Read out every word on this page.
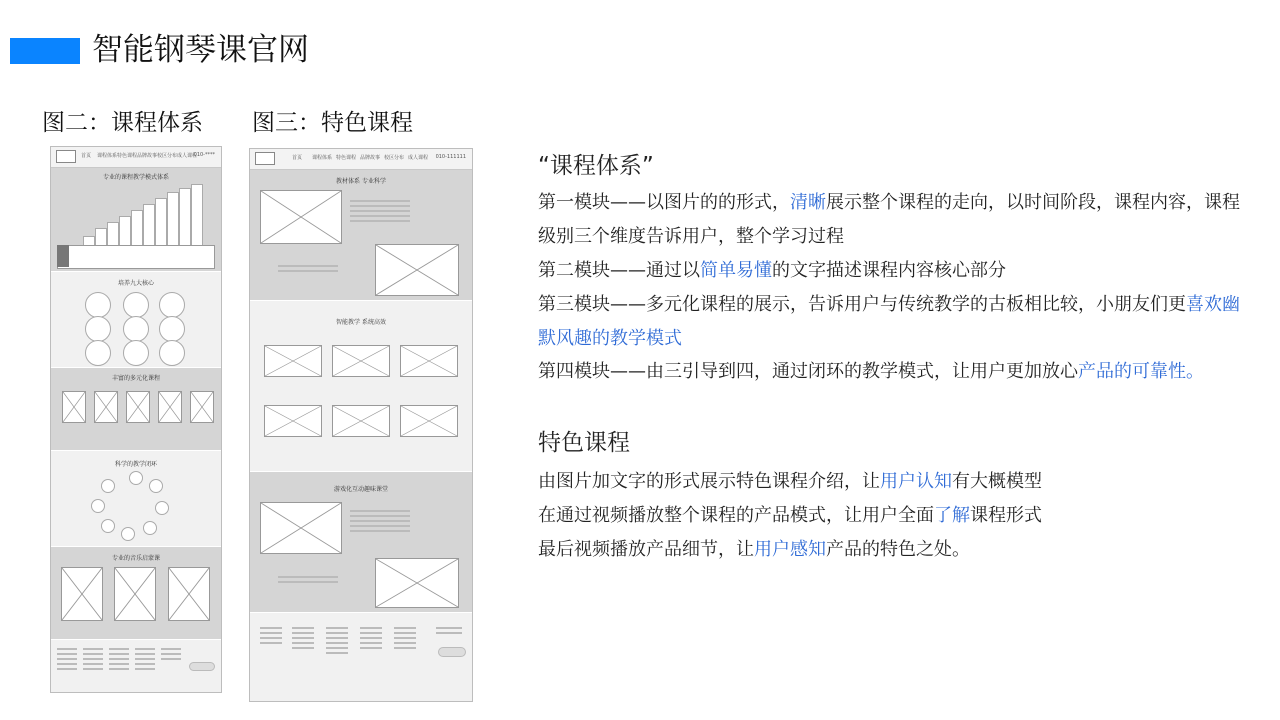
智能钢琴课官网
图二：课程体系 图三：特色课程
首页 课程体系 特色课程 品牌故事 校区分布 成人课程
010-****
专业的课程教学模式体系
培养九大核心
丰富的多元化课程
科学的教学闭环
专业的音乐启蒙课
首页 课程体系 特色课程 品牌故事 校区分布 成人课程 010-111111
教材体系 专业科学
智能教学 系统高效
游戏化互动趣味课堂
“课程体系”
第一模块——以图片的的形式，清晰展示整个课程的走向，以时间阶段，课程内容，课程级别三个维度告诉用户，整个学习过程
第二模块——通过以简单易懂的文字描述课程内容核心部分
第三模块——多元化课程的展示，告诉用户与传统教学的古板相比较，小朋友们更喜欢幽默风趣的教学模式
第四模块——由三引导到四，通过闭环的教学模式，让用户更加放心产品的可靠性。
特色课程
由图片加文字的形式展示特色课程介绍，让用户认知有大概模型
在通过视频播放整个课程的产品模式，让用户全面了解课程形式
最后视频播放产品细节，让用户感知产品的特色之处。
